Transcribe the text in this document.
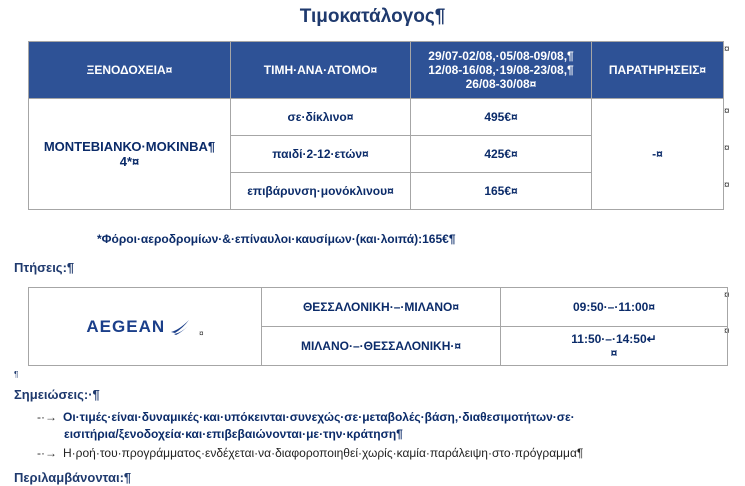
Τιμοκατάλογος¶
ΞΕΝΟΔΟΧΕΙΑ¤	ΤΙΜΗ·ΑΝΑ·ΑΤΟΜΟ¤	29/07-02/08,·05/08-09/08,¶
12/08-16/08,·19/08-23/08,¶
26/08-30/08¤	ΠΑΡΑΤΗΡΗΣΕΙΣ¤
ΜΟΝΤΕΒΙΑΝΚΟ·ΜΟΚΙΝΒΑ¶
4*¤	σε·δίκλινο¤	495€¤	-¤
	παιδί·2-12·ετών¤	425€¤	
	επιβάρυνση·μονόκλινου¤	165€¤	
¤
¤
¤
¤
¤
¤
*Φόροι·αεροδρομίων·&·επίναυλοι·καυσίμων·(και·λοιπά):165€¶
Πτήσεις:¶
AEGEAN ¤	ΘΕΣΣΑΛΟΝΙΚΗ·–·ΜΙΛΑΝΟ¤	09:50·–·11:00¤
	ΜΙΛΑΝΟ·–·ΘΕΣΣΑΛΟΝΙΚΗ·¤	11:50·–·14:50↵
¤
¶
Σημειώσεις:·¶
-·→ Οι·τιμές·είναι·δυναμικές·και·υπόκεινται·συνεχώς·σε·μεταβολές·βάση,·διαθεσιμοτήτων·σε·
εισιτήρια/ξενοδοχεία·και·επιβεβαιώνονται·με·την·κράτηση¶
-·→ Η·ροή·του·προγράμματος·ενδέχεται·να·διαφοροποιηθεί·χωρίς·καμία·παράλειψη·στο·πρόγραμμα¶
Περιλαμβάνονται:¶
